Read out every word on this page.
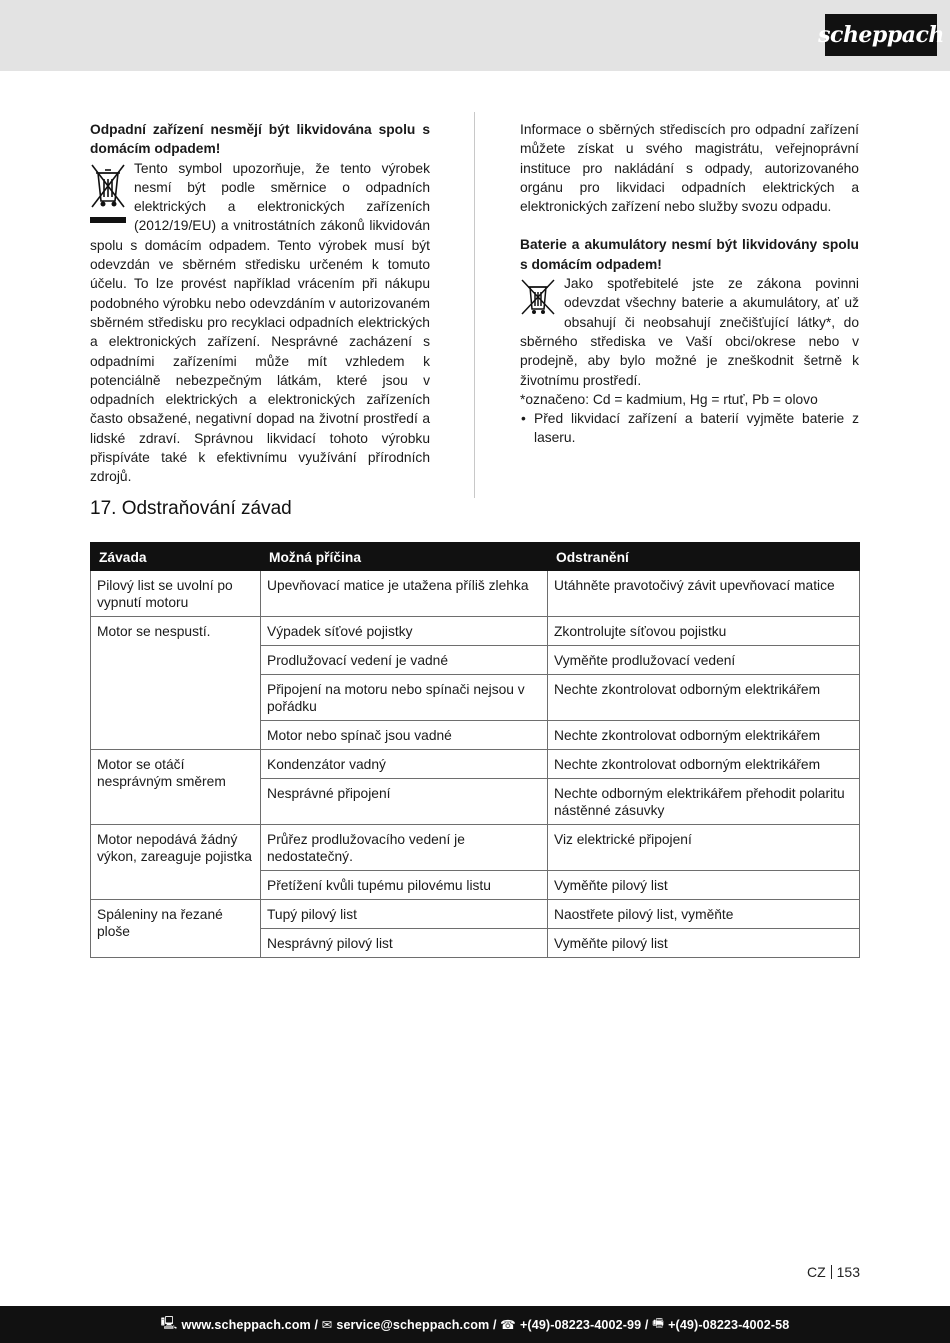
scheppach

Odpadní zařízení nesmějí být likvidována spolu s domácím odpadem!

Tento symbol upozorňuje, že tento výrobek nesmí být podle směrnice o odpadních elektrických a elektronických zařízeních (2012/19/EU) a vnitrostátních zákonů likvidován spolu s domácím odpadem. Tento výrobek musí být odevzdán ve sběrném středisku určeném k tomuto účelu. To lze provést například vrácením při nákupu podobného výrobku nebo odevzdáním v autorizovaném sběrném středisku pro recyklaci odpadních elektrických a elektronických zařízení. Nesprávné zacházení s odpadními zařízeními může mít vzhledem k potenciálně nebezpečným látkám, které jsou v odpadních elektrických a elektronických zařízeních často obsažené, negativní dopad na životní prostředí a lidské zdraví. Správnou likvidací tohoto výrobku přispíváte také k efektivnímu využívání přírodních zdrojů.

Informace o sběrných střediscích pro odpadní zařízení můžete získat u svého magistrátu, veřejnoprávní instituce pro nakládání s odpady, autorizovaného orgánu pro likvidaci odpadních elektrických a elektronických zařízení nebo služby svozu odpadu.

Baterie a akumulátory nesmí být likvidovány spolu s domácím odpadem!

Jako spotřebitelé jste ze zákona povinni odevzdat všechny baterie a akumulátory, ať už obsahují či neobsahují znečišťující látky*, do sběrného střediska ve Vaší obci/okrese nebo v prodejně, aby bylo možné je zneškodnit šetrně k životnímu prostředí.

*označeno: Cd = kadmium, Hg = rtuť, Pb = olovo

• Před likvidací zařízení a baterií vyjměte baterie z laseru.

17. Odstraňování závad
Závada	Možná příčina	Odstranění
Pilový list se uvolní po vypnutí motoru	Upevňovací matice je utažena příliš zlehka	Utáhněte pravotočivý závit upevňovací matice
Motor se nespustí.	Výpadek síťové pojistky	Zkontrolujte síťovou pojistku
	Prodlužovací vedení je vadné	Vyměňte prodlužovací vedení
	Připojení na motoru nebo spínači nejsou v pořádku	Nechte zkontrolovat odborným elektrikářem
	Motor nebo spínač jsou vadné	Nechte zkontrolovat odborným elektrikářem
Motor se otáčí nesprávným směrem	Kondenzátor vadný	Nechte zkontrolovat odborným elektrikářem
	Nesprávné připojení	Nechte odborným elektrikářem přehodit polaritu nástěnné zásuvky
Motor nepodává žádný výkon, zareaguje pojistka	Průřez prodlužovacího vedení je nedostatečný.	Viz elektrické připojení
	Přetížení kvůli tupému pilovému listu	Vyměňte pilový list
Spáleniny na řezané ploše	Tupý pilový list	Naostřete pilový list, vyměňte
	Nesprávný pilový list	Vyměňte pilový list
CZ 153
🖳 www.scheppach.com
/
✉ service@scheppach.com
/
☎ +(49)-08223-4002-99
/
🖷 +(49)-08223-4002-58
